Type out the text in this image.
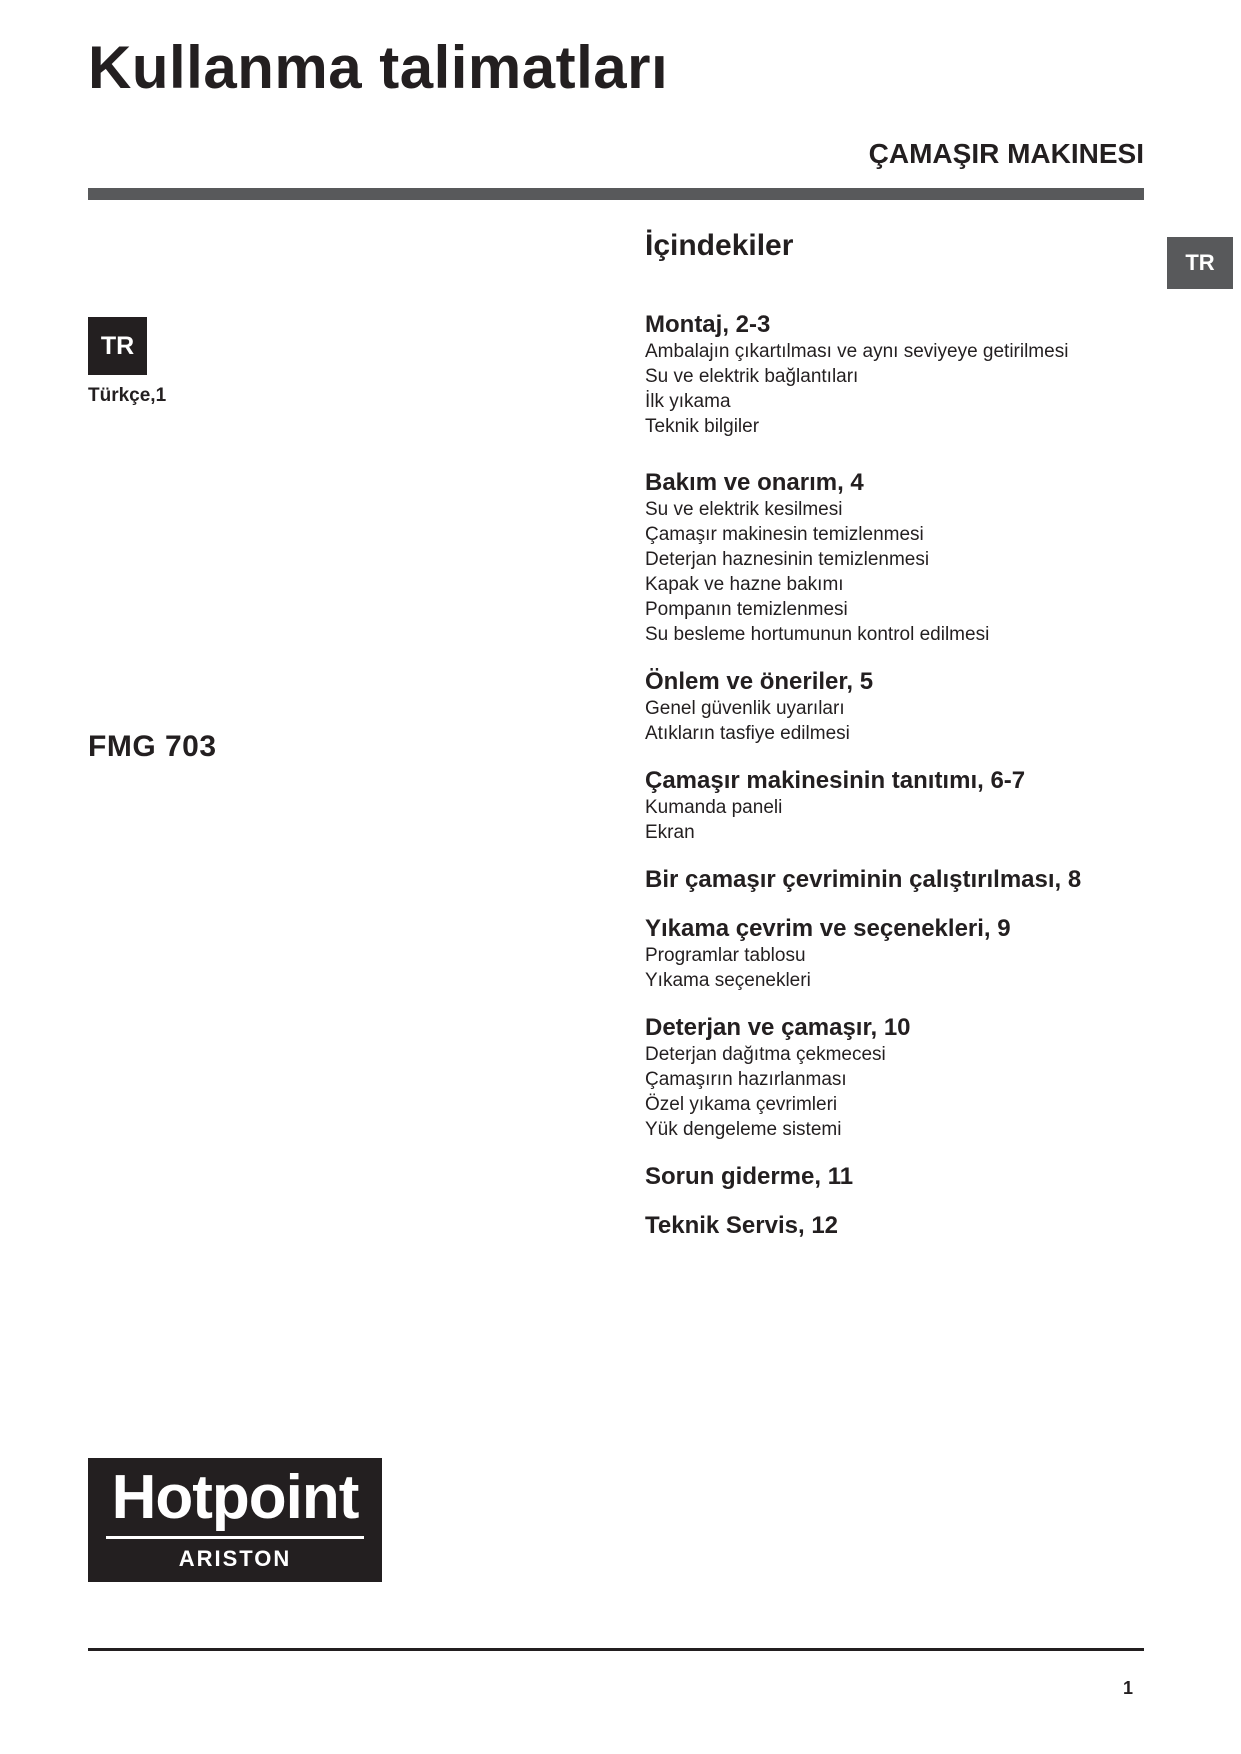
Kullanma talimatları
ÇAMAŞIR MAKINESI
TR
TR
Türkçe,1
FMG 703
İçindekiler
Montaj, 2-3
Ambalajın çıkartılması ve aynı seviyeye getirilmesi
Su ve elektrik bağlantıları
İlk yıkama
Teknik bilgiler
Bakım ve onarım, 4
Su ve elektrik kesilmesi
Çamaşır makinesin temizlenmesi
Deterjan haznesinin temizlenmesi
Kapak ve hazne bakımı
Pompanın temizlenmesi
Su besleme hortumunun kontrol edilmesi
Önlem ve öneriler, 5
Genel güvenlik uyarıları
Atıkların tasfiye edilmesi
Çamaşır makinesinin tanıtımı, 6-7
Kumanda paneli
Ekran
Bir çamaşır çevriminin çalıştırılması, 8
Yıkama çevrim ve seçenekleri, 9
Programlar tablosu
Yıkama seçenekleri
Deterjan ve çamaşır, 10
Deterjan dağıtma çekmecesi
Çamaşırın hazırlanması
Özel yıkama çevrimleri
Yük dengeleme sistemi
Sorun giderme, 11
Teknik Servis, 12
Hotpoint
ARISTON
1
